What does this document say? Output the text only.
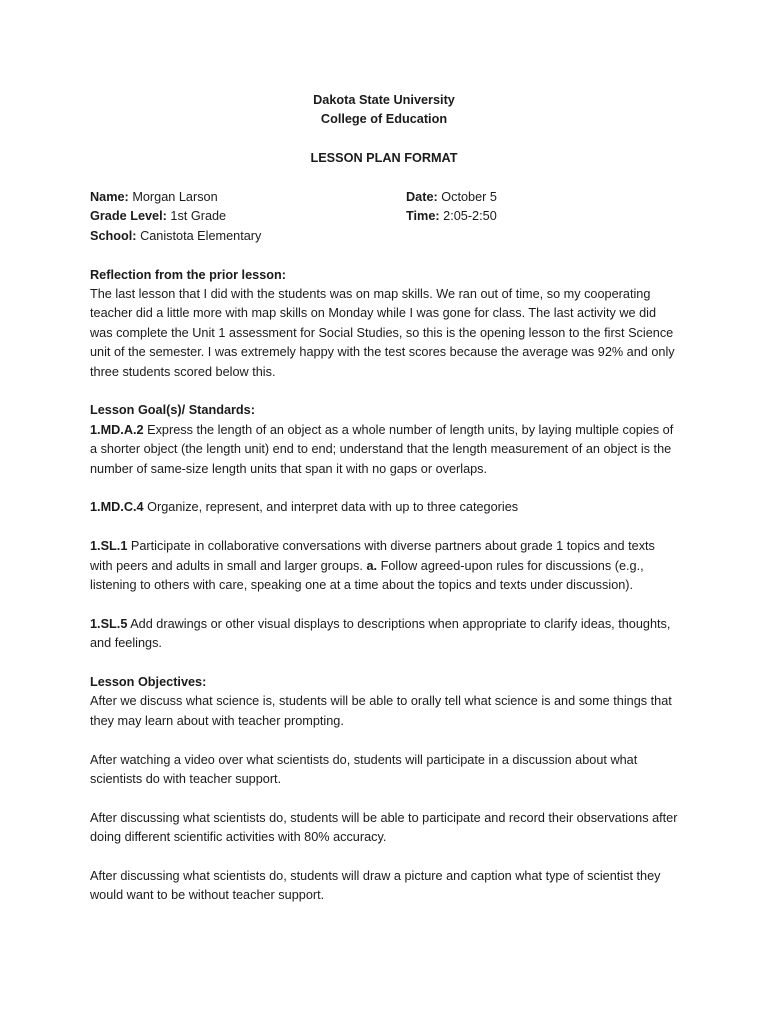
Dakota State University
College of Education
LESSON PLAN FORMAT
Name: Morgan Larson	Date: October 5
Grade Level: 1st Grade	Time: 2:05-2:50
School: Canistota Elementary
Reflection from the prior lesson:

The last lesson that I did with the students was on map skills. We ran out of time, so my cooperating teacher did a little more with map skills on Monday while I was gone for class. The last activity we did was complete the Unit 1 assessment for Social Studies, so this is the opening lesson to the first Science unit of the semester. I was extremely happy with the test scores because the average was 92% and only three students scored below this.

Lesson Goal(s)/ Standards:

1.MD.A.2 Express the length of an object as a whole number of length units, by laying multiple copies of a shorter object (the length unit) end to end; understand that the length measurement of an object is the number of same-size length units that span it with no gaps or overlaps.

1.MD.C.4 Organize, represent, and interpret data with up to three categories

1.SL.1 Participate in collaborative conversations with diverse partners about grade 1 topics and texts with peers and adults in small and larger groups. a. Follow agreed-upon rules for discussions (e.g., listening to others with care, speaking one at a time about the topics and texts under discussion).

1.SL.5 Add drawings or other visual displays to descriptions when appropriate to clarify ideas, thoughts, and feelings.

Lesson Objectives:

After we discuss what science is, students will be able to orally tell what science is and some things that they may learn about with teacher prompting.

After watching a video over what scientists do, students will participate in a discussion about what scientists do with teacher support.

After discussing what scientists do, students will be able to participate and record their observations after doing different scientific activities with 80% accuracy.

After discussing what scientists do, students will draw a picture and caption what type of scientist they would want to be without teacher support.
